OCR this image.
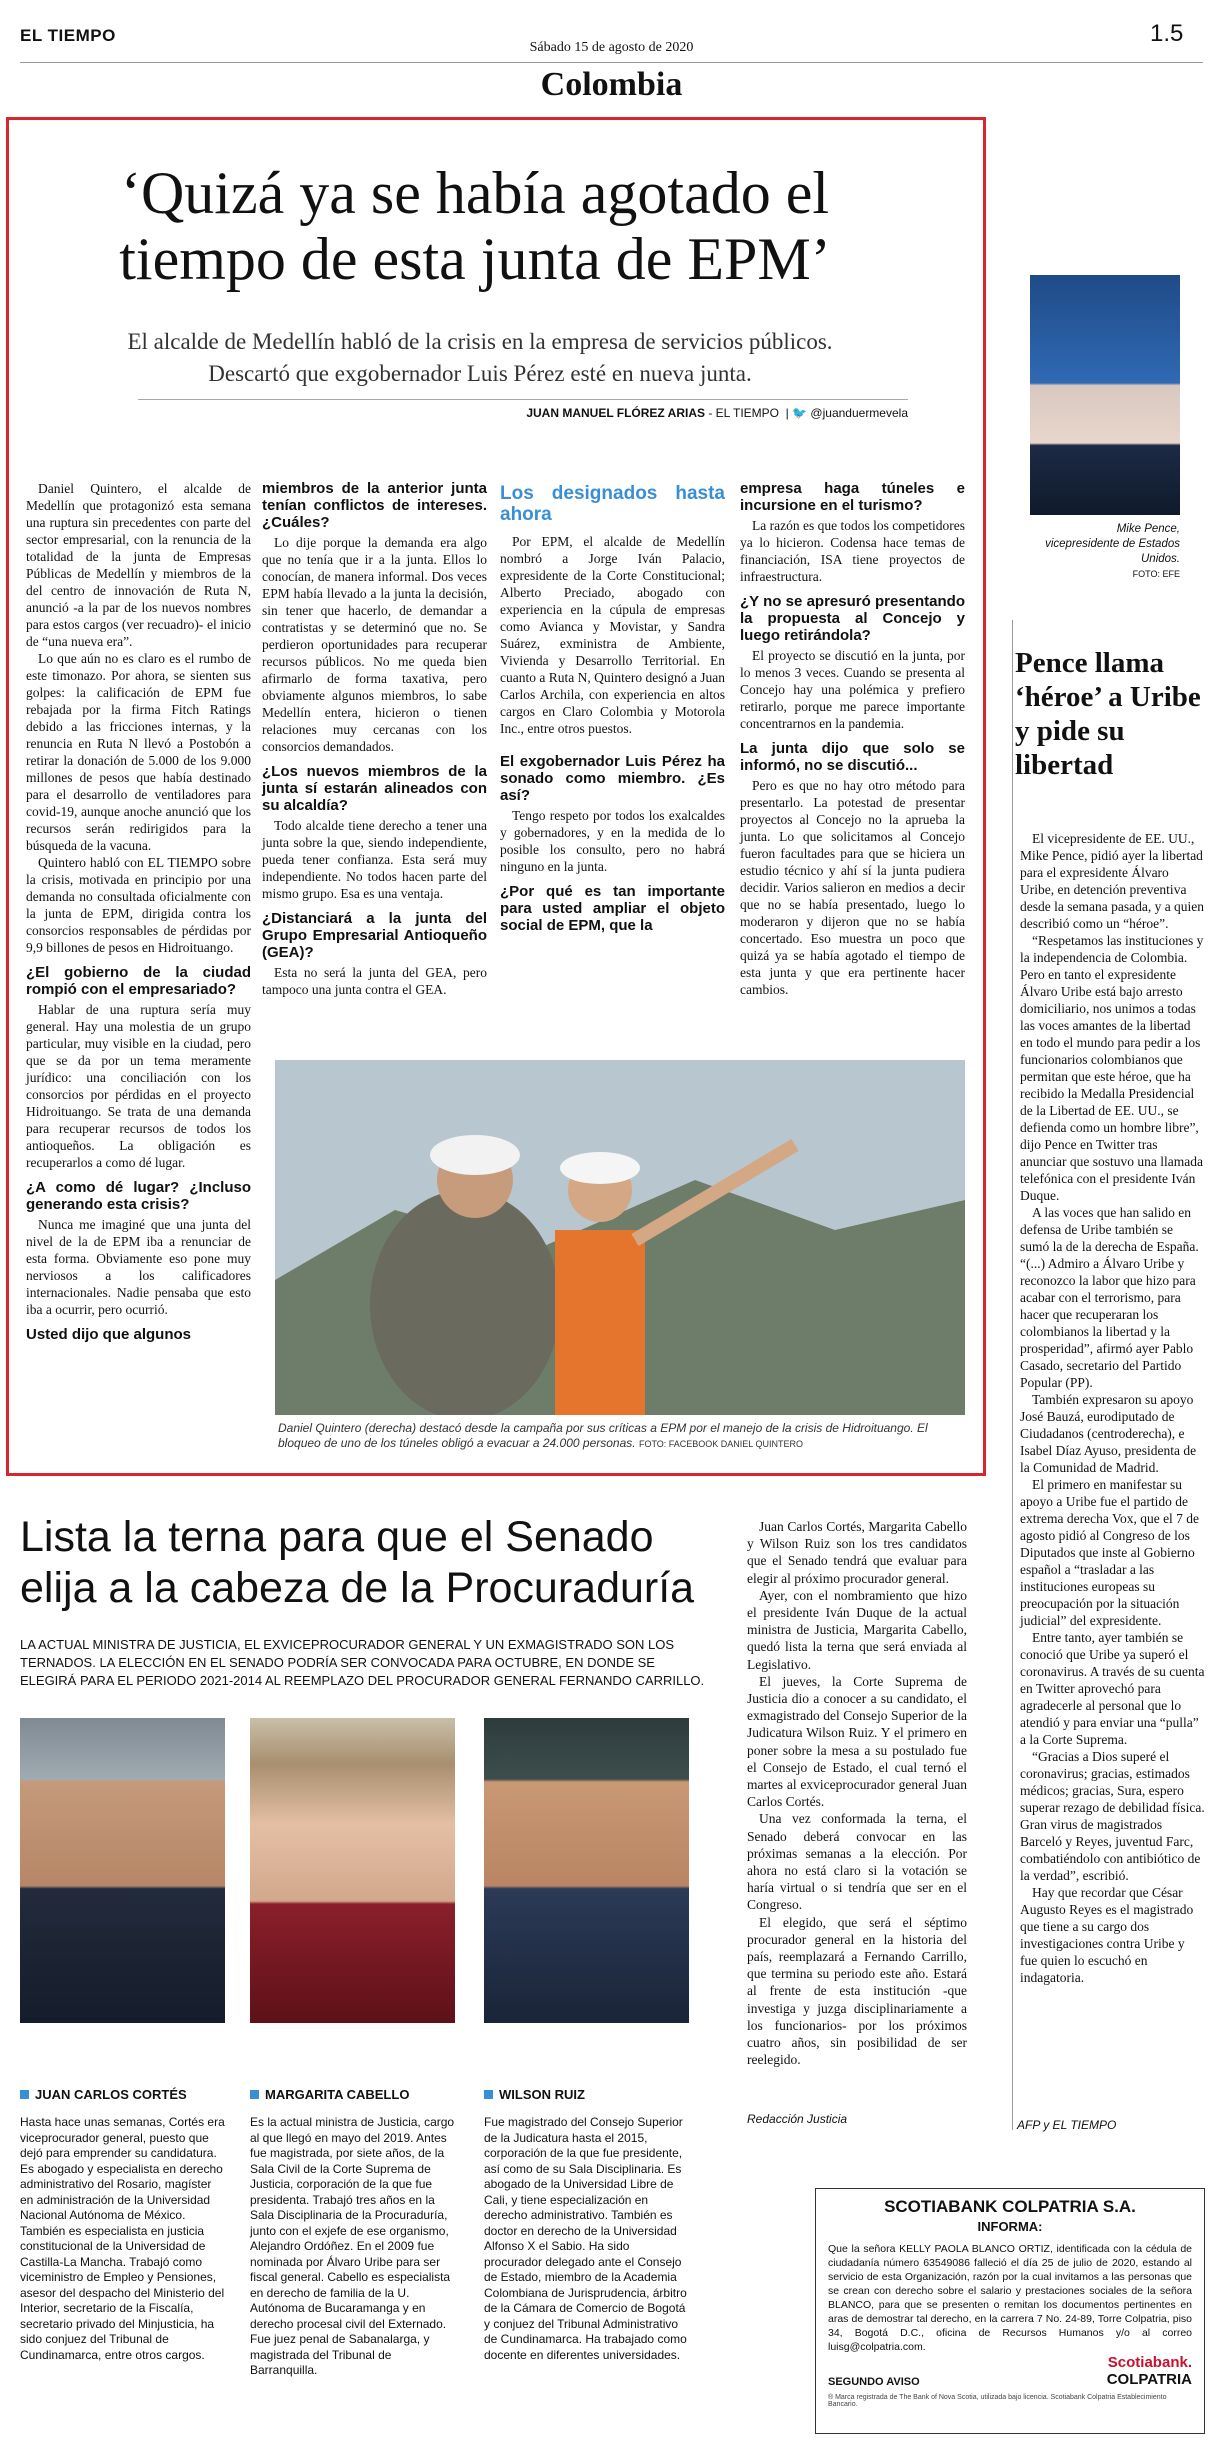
EL TIEMPO
Sábado 15 de agosto de 2020
1.5
Colombia
‘Quizá ya se había agotado el tiempo de esta junta de EPM’
El alcalde de Medellín habló de la crisis en la empresa de servicios públicos. Descartó que exgobernador Luis Pérez esté en nueva junta.
JUAN MANUEL FLÓREZ ARIAS - EL TIEMPO  | 🐦 @juanduermevela

Daniel Quintero, el alcalde de Medellín que protagonizó esta semana una ruptura sin precedentes con parte del sector empresarial, con la renuncia de la totalidad de la junta de Empresas Públicas de Medellín y miembros de la del centro de innovación de Ruta N, anunció -a la par de los nuevos nombres para estos cargos (ver recuadro)- el inicio de “una nueva era”.

Lo que aún no es claro es el rumbo de este timonazo. Por ahora, se sienten sus golpes: la calificación de EPM fue rebajada por la firma Fitch Ratings debido a las fricciones internas, y la renuncia en Ruta N llevó a Postobón a retirar la donación de 5.000 de los 9.000 millones de pesos que había destinado para el desarrollo de ventiladores para covid-19, aunque anoche anunció que los recursos serán redirigidos para la búsqueda de la vacuna.

Quintero habló con EL TIEMPO sobre la crisis, motivada en principio por una demanda no consultada oficialmente con la junta de EPM, dirigida contra los consorcios responsables de pérdidas por 9,9 billones de pesos en Hidroituango.

¿El gobierno de la ciudad rompió con el empresariado?

Hablar de una ruptura sería muy general. Hay una molestia de un grupo particular, muy visible en la ciudad, pero que se da por un tema meramente jurídico: una conciliación con los consorcios por pérdidas en el proyecto Hidroituango. Se trata de una demanda para recuperar recursos de todos los antioqueños. La obligación es recuperarlos a como dé lugar.

¿A como dé lugar? ¿Incluso generando esta crisis?

Nunca me imaginé que una junta del nivel de la de EPM iba a renunciar de esta forma. Obviamente eso pone muy nerviosos a los calificadores internacionales. Nadie pensaba que esto iba a ocurrir, pero ocurrió.

Usted dijo que algunos
miembros de la anterior junta tenían conflictos de intereses. ¿Cuáles?

Lo dije porque la demanda era algo que no tenía que ir a la junta. Ellos lo conocían, de manera informal. Dos veces EPM había llevado a la junta la decisión, sin tener que hacerlo, de demandar a contratistas y se determinó que no. Se perdieron oportunidades para recuperar recursos públicos. No me queda bien afirmarlo de forma taxativa, pero obviamente algunos miembros, lo sabe Medellín entera, hicieron o tienen relaciones muy cercanas con los consorcios demandados.

¿Los nuevos miembros de la junta sí estarán alineados con su alcaldía?

Todo alcalde tiene derecho a tener una junta sobre la que, siendo independiente, pueda tener confianza. Esta será muy independiente. No todos hacen parte del mismo grupo. Esa es una ventaja.

¿Distanciará a la junta del Grupo Empresarial Antioqueño (GEA)?

Esta no será la junta del GEA, pero tampoco una junta contra el GEA.

Los designados hasta ahora

Por EPM, el alcalde de Medellín nombró a Jorge Iván Palacio, expresidente de la Corte Constitucional; Alberto Preciado, abogado con experiencia en la cúpula de empresas como Avianca y Movistar, y Sandra Suárez, exministra de Ambiente, Vivienda y Desarrollo Territorial. En cuanto a Ruta N, Quintero designó a Juan Carlos Archila, con experiencia en altos cargos en Claro Colombia y Motorola Inc., entre otros puestos.

El exgobernador Luis Pérez ha sonado como miembro. ¿Es así?

Tengo respeto por todos los exalcaldes y gobernadores, y en la medida de lo posible los consulto, pero no habrá ninguno en la junta.

¿Por qué es tan importante para usted ampliar el objeto social de EPM, que la
empresa haga túneles e incursione en el turismo?

La razón es que todos los competidores ya lo hicieron. Codensa hace temas de financiación, ISA tiene proyectos de infraestructura.

¿Y no se apresuró presentando la propuesta al Concejo y luego retirándola?

El proyecto se discutió en la junta, por lo menos 3 veces. Cuando se presenta al Concejo hay una polémica y prefiero retirarlo, porque me parece importante concentrarnos en la pandemia.

La junta dijo que solo se informó, no se discutió...

Pero es que no hay otro método para presentarlo. La potestad de presentar proyectos al Concejo no la aprueba la junta. Lo que solicitamos al Concejo fueron facultades para que se hiciera un estudio técnico y ahí sí la junta pudiera decidir. Varios salieron en medios a decir que no se había presentado, luego lo moderaron y dijeron que no se había concertado. Eso muestra un poco que quizá ya se había agotado el tiempo de esta junta y que era pertinente hacer cambios.

Daniel Quintero (derecha) destacó desde la campaña por sus críticas a EPM por el manejo de la crisis de Hidroituango. El bloqueo de uno de los túneles obligó a evacuar a 24.000 personas. FOTO: FACEBOOK DANIEL QUINTERO
Mike Pence,
vicepresidente de Estados Unidos.
FOTO: EFE
Pence llama ‘héroe’ a Uribe y pide su libertad

El vicepresidente de EE. UU., Mike Pence, pidió ayer la libertad para el expresidente Álvaro Uribe, en detención preventiva desde la semana pasada, y a quien describió como un “héroe”.

“Respetamos las instituciones y la independencia de Colombia. Pero en tanto el expresidente Álvaro Uribe está bajo arresto domiciliario, nos unimos a todas las voces amantes de la libertad en todo el mundo para pedir a los funcionarios colombianos que permitan que este héroe, que ha recibido la Medalla Presidencial de la Libertad de EE. UU., se defienda como un hombre libre”, dijo Pence en Twitter tras anunciar que sostuvo una llamada telefónica con el presidente Iván Duque.

A las voces que han salido en defensa de Uribe también se sumó la de la derecha de España. “(...) Admiro a Álvaro Uribe y reconozco la labor que hizo para acabar con el terrorismo, para hacer que recuperaran los colombianos la libertad y la prosperidad”, afirmó ayer Pablo Casado, secretario del Partido Popular (PP).

También expresaron su apoyo José Bauzá, eurodiputado de Ciudadanos (centroderecha), e Isabel Díaz Ayuso, presidenta de la Comunidad de Madrid.

El primero en manifestar su apoyo a Uribe fue el partido de extrema derecha Vox, que el 7 de agosto pidió al Congreso de los Diputados que inste al Gobierno español a “trasladar a las instituciones europeas su preocupación por la situación judicial” del expresidente.

Entre tanto, ayer también se conoció que Uribe ya superó el coronavirus. A través de su cuenta en Twitter aprovechó para agradecerle al personal que lo atendió y para enviar una “pulla” a la Corte Suprema.

“Gracias a Dios superé el coronavirus; gracias, estimados médicos; gracias, Sura, espero superar rezago de debilidad física. Gran virus de magistrados Barceló y Reyes, juventud Farc, combatiéndolo con antibiótico de la verdad”, escribió.

Hay que recordar que César Augusto Reyes es el magistrado que tiene a su cargo dos investigaciones contra Uribe y fue quien lo escuchó en indagatoria.

AFP y EL TIEMPO
Lista la terna para que el Senado elija a la cabeza de la Procuraduría
LA ACTUAL MINISTRA DE JUSTICIA, EL EXVICEPROCURADOR GENERAL Y UN EXMAGISTRADO SON LOS TERNADOS. LA ELECCIÓN EN EL SENADO PODRÍA SER CONVOCADA PARA OCTUBRE, EN DONDE SE ELEGIRÁ PARA EL PERIODO 2021-2014 AL REEMPLAZO DEL PROCURADOR GENERAL FERNANDO CARRILLO.
JUAN CARLOS CORTÉS	MARGARITA CABELLO	WILSON RUIZ
Hasta hace unas semanas, Cortés era viceprocurador general, puesto que dejó para emprender su candidatura. Es abogado y especialista en derecho administrativo del Rosario, magíster en administración de la Universidad Nacional Autónoma de México. También es especialista en justicia constitucional de la Universidad de Castilla-La Mancha. Trabajó como viceministro de Empleo y Pensiones, asesor del despacho del Ministerio del Interior, secretario de la Fiscalía, secretario privado del Minjusticia, ha sido conjuez del Tribunal de Cundinamarca, entre otros cargos.
Es la actual ministra de Justicia, cargo al que llegó en mayo del 2019. Antes fue magistrada, por siete años, de la Sala Civil de la Corte Suprema de Justicia, corporación de la que fue presidenta. Trabajó tres años en la Sala Disciplinaria de la Procuraduría, junto con el exjefe de ese organismo, Alejandro Ordóñez. En el 2009 fue nominada por Álvaro Uribe para ser fiscal general. Cabello es especialista en derecho de familia de la U. Autónoma de Bucaramanga y en derecho procesal civil del Externado. Fue juez penal de Sabanalarga, y magistrada del Tribunal de Barranquilla.
Fue magistrado del Consejo Superior de la Judicatura hasta el 2015, corporación de la que fue presidente, así como de su Sala Disciplinaria. Es abogado de la Universidad Libre de Cali, y tiene especialización en derecho administrativo. También es doctor en derecho de la Universidad Alfonso X el Sabio. Ha sido procurador delegado ante el Consejo de Estado, miembro de la Academia Colombiana de Jurisprudencia, árbitro de la Cámara de Comercio de Bogotá y conjuez del Tribunal Administrativo de Cundinamarca. Ha trabajado como docente en diferentes universidades.

Juan Carlos Cortés, Margarita Cabello y Wilson Ruiz son los tres candidatos que el Senado tendrá que evaluar para elegir al próximo procurador general.

Ayer, con el nombramiento que hizo el presidente Iván Duque de la actual ministra de Justicia, Margarita Cabello, quedó lista la terna que será enviada al Legislativo.

El jueves, la Corte Suprema de Justicia dio a conocer a su candidato, el exmagistrado del Consejo Superior de la Judicatura Wilson Ruiz. Y el primero en poner sobre la mesa a su postulado fue el Consejo de Estado, el cual ternó el martes al exviceprocurador general Juan Carlos Cortés.

Una vez conformada la terna, el Senado deberá convocar en las próximas semanas a la elección. Por ahora no está claro si la votación se haría virtual o si tendría que ser en el Congreso.

El elegido, que será el séptimo procurador general en la historia del país, reemplazará a Fernando Carrillo, que termina su periodo este año. Estará al frente de esta institución -que investiga y juzga disciplinariamente a los funcionarios- por los próximos cuatro años, sin posibilidad de ser reelegido.

Redacción Justicia
SCOTIABANK COLPATRIA S.A.
INFORMA:
Que la señora KELLY PAOLA BLANCO ORTIZ, identificada con la cédula de ciudadanía número 63549086 falleció el día 25 de julio de 2020, estando al servicio de esta Organización, razón por la cual invitamos a las personas que se crean con derecho sobre el salario y prestaciones sociales de la señora BLANCO, para que se presenten o remitan los documentos pertinentes en aras de demostrar tal derecho, en la carrera 7 No. 24-89, Torre Colpatria, piso 34, Bogotá D.C., oficina de Recursos Humanos y/o al correo luisg@colpatria.com.
SEGUNDO AVISO
Scotiabank.
COLPATRIA
® Marca registrada de The Bank of Nova Scotia, utilizada bajo licencia. Scotiabank Colpatria Establecimiento Bancario.
